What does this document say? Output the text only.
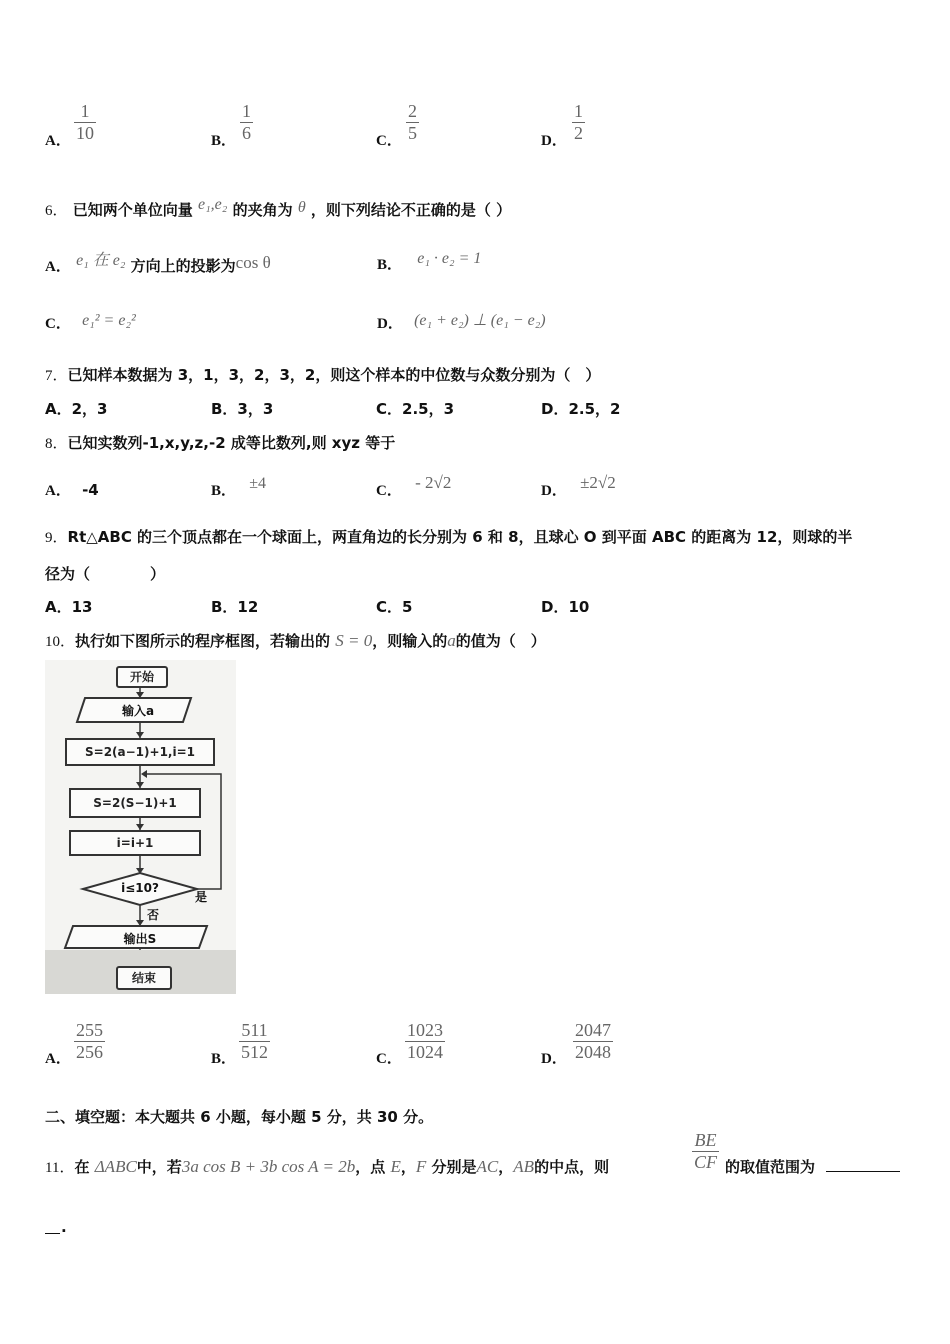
A．
1
10	B．
1
6	C．
2
5	D．
1
2
6． 已知两个单位向量 e₁,e₂ 的夹角为 θ ，则下列结论不正确的是（ ）
A． e₁ 在 e₂ 方向上的投影为cos θ	B． e₁ · e₂ = 1
C． e₁² = e₂²	D． (e₁ + e₂) ⊥ (e₁ − e₂)
7．已知样本数据为 3，1，3，2，3，2，则这个样本的中位数与众数分别为（　）
A．2，3	B．3，3	C．2.5，3	D．2.5，2
8．已知实数列-1,x,y,z,-2 成等比数列,则 xyz 等于
A． -4	B． ±4	C． - 2√2	D． ±2√2
9．Rt△ABC 的三个顶点都在一个球面上，两直角边的长分别为 6 和 8，且球心 O 到平面 ABC 的距离为 12，则球的半
径为（　　　　）
A．13	B．12	C．5	D．10
10．执行如下图所示的程序框图，若输出的 S = 0，则输入的a的值为（　）
开始
输入a
S=2(a−1)+1,i=1
S=2(S−1)+1
i=i+1
i≤10?
是
否
输出S
结束
A．
255
256	B．
511
512	C．
1023
1024	D．
2047
2048
二、填空题：本大题共 6 小题，每小题 5 分，共 30 分。
11．在 ΔABC中，若3a cos B + 3b cos A = 2b，点 E，F 分别是AC，AB的中点，则
BE
CF 的取值范围为
.
